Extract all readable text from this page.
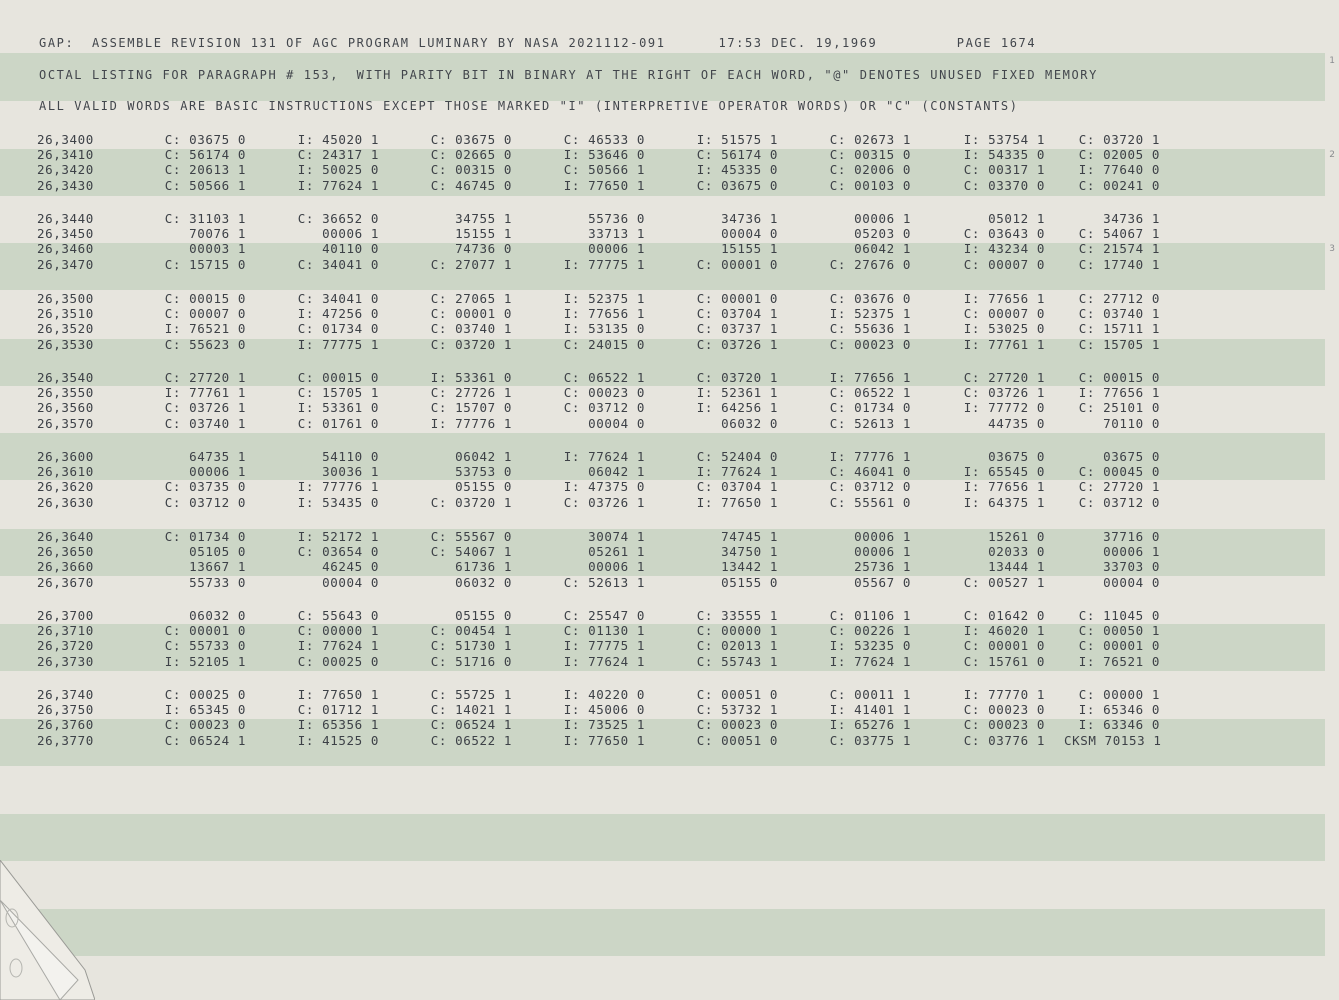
GAP:  ASSEMBLE REVISION 131 OF AGC PROGRAM LUMINARY BY NASA 2021112-091      17:53 DEC. 19,1969         PAGE 1674
OCTAL LISTING FOR PARAGRAPH # 153,  WITH PARITY BIT IN BINARY AT THE RIGHT OF EACH WORD, "@" DENOTES UNUSED FIXED MEMORY
ALL VALID WORDS ARE BASIC INSTRUCTIONS EXCEPT THOSE MARKED "I" (INTERPRETIVE OPERATOR WORDS) OR "C" (CONSTANTS)
26,3400	C: 03675 0	I: 45020 1	C: 03675 0	C: 46533 0	I: 51575 1	C: 02673 1	I: 53754 1	C: 03720 1
26,3410	C: 56174 0	C: 24317 1	C: 02665 0	I: 53646 0	C: 56174 0	C: 00315 0	I: 54335 0	C: 02005 0
26,3420	C: 20613 1	I: 50025 0	C: 00315 0	C: 50566 1	I: 45335 0	C: 02006 0	C: 00317 1	I: 77640 0
26,3430	C: 50566 1	I: 77624 1	C: 46745 0	I: 77650 1	C: 03675 0	C: 00103 0	C: 03370 0	C: 00241 0
26,3440	C: 31103 1	C: 36652 0	34755 1	55736 0	34736 1	00006 1	05012 1	34736 1
26,3450	70076 1	00006 1	15155 1	33713 1	00004 0	05203 0	C: 03643 0	C: 54067 1
26,3460	00003 1	40110 0	74736 0	00006 1	15155 1	06042 1	I: 43234 0	C: 21574 1
26,3470	C: 15715 0	C: 34041 0	C: 27077 1	I: 77775 1	C: 00001 0	C: 27676 0	C: 00007 0	C: 17740 1
26,3500	C: 00015 0	C: 34041 0	C: 27065 1	I: 52375 1	C: 00001 0	C: 03676 0	I: 77656 1	C: 27712 0
26,3510	C: 00007 0	I: 47256 0	C: 00001 0	I: 77656 1	C: 03704 1	I: 52375 1	C: 00007 0	C: 03740 1
26,3520	I: 76521 0	C: 01734 0	C: 03740 1	I: 53135 0	C: 03737 1	C: 55636 1	I: 53025 0	C: 15711 1
26,3530	C: 55623 0	I: 77775 1	C: 03720 1	C: 24015 0	C: 03726 1	C: 00023 0	I: 77761 1	C: 15705 1
26,3540	C: 27720 1	C: 00015 0	I: 53361 0	C: 06522 1	C: 03720 1	I: 77656 1	C: 27720 1	C: 00015 0
26,3550	I: 77761 1	C: 15705 1	C: 27726 1	C: 00023 0	I: 52361 1	C: 06522 1	C: 03726 1	I: 77656 1
26,3560	C: 03726 1	I: 53361 0	C: 15707 0	C: 03712 0	I: 64256 1	C: 01734 0	I: 77772 0	C: 25101 0
26,3570	C: 03740 1	C: 01761 0	I: 77776 1	00004 0	06032 0	C: 52613 1	44735 0	70110 0
26,3600	64735 1	54110 0	06042 1	I: 77624 1	C: 52404 0	I: 77776 1	03675 0	03675 0
26,3610	00006 1	30036 1	53753 0	06042 1	I: 77624 1	C: 46041 0	I: 65545 0	C: 00045 0
26,3620	C: 03735 0	I: 77776 1	05155 0	I: 47375 0	C: 03704 1	C: 03712 0	I: 77656 1	C: 27720 1
26,3630	C: 03712 0	I: 53435 0	C: 03720 1	C: 03726 1	I: 77650 1	C: 55561 0	I: 64375 1	C: 03712 0
26,3640	C: 01734 0	I: 52172 1	C: 55567 0	30074 1	74745 1	00006 1	15261 0	37716 0
26,3650	05105 0	C: 03654 0	C: 54067 1	05261 1	34750 1	00006 1	02033 0	00006 1
26,3660	13667 1	46245 0	61736 1	00006 1	13442 1	25736 1	13444 1	33703 0
26,3670	55733 0	00004 0	06032 0	C: 52613 1	05155 0	05567 0	C: 00527 1	00004 0
26,3700	06032 0	C: 55643 0	05155 0	C: 25547 0	C: 33555 1	C: 01106 1	C: 01642 0	C: 11045 0
26,3710	C: 00001 0	C: 00000 1	C: 00454 1	C: 01130 1	C: 00000 1	C: 00226 1	I: 46020 1	C: 00050 1
26,3720	C: 55733 0	I: 77624 1	C: 51730 1	I: 77775 1	C: 02013 1	I: 53235 0	C: 00001 0	C: 00001 0
26,3730	I: 52105 1	C: 00025 0	C: 51716 0	I: 77624 1	C: 55743 1	I: 77624 1	C: 15761 0	I: 76521 0
26,3740	C: 00025 0	I: 77650 1	C: 55725 1	I: 40220 0	C: 00051 0	C: 00011 1	I: 77770 1	C: 00000 1
26,3750	I: 65345 0	C: 01712 1	C: 14021 1	I: 45006 0	C: 53732 1	I: 41401 1	C: 00023 0	I: 65346 0
26,3760	C: 00023 0	I: 65356 1	C: 06524 1	I: 73525 1	C: 00023 0	I: 65276 1	C: 00023 0	I: 63346 0
26,3770	C: 06524 1	I: 41525 0	C: 06522 1	I: 77650 1	C: 00051 0	C: 03775 1	C: 03776 1 CKSM 70153 1
1
2
3
